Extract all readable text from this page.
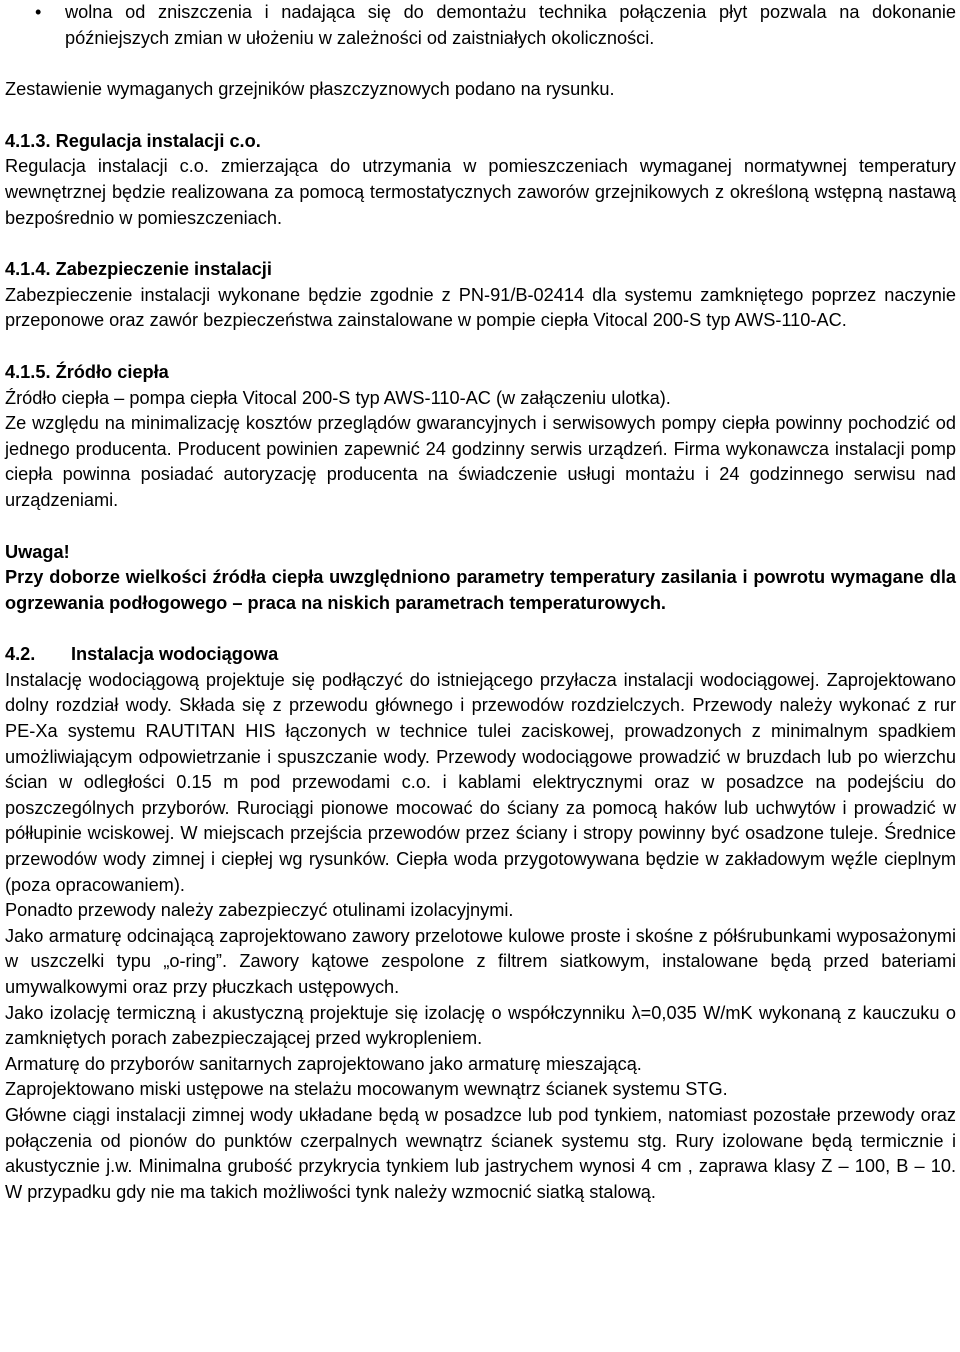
• wolna od zniszczenia i nadająca się do demontażu technika połączenia płyt pozwala na dokonanie późniejszych zmian w ułożeniu w zależności od zaistniałych okoliczności.

Zestawienie wymaganych grzejników płaszczyznowych podano na rysunku.

4.1.3. Regulacja instalacji c.o.

Regulacja instalacji c.o. zmierzająca do utrzymania w pomieszczeniach wymaganej normatywnej temperatury wewnętrznej będzie realizowana za pomocą termostatycznych zaworów grzejnikowych z określoną wstępną nastawą bezpośrednio w pomieszczeniach.

4.1.4. Zabezpieczenie instalacji

Zabezpieczenie instalacji wykonane będzie zgodnie z PN-91/B-02414 dla systemu zamkniętego poprzez naczynie przeponowe oraz zawór bezpieczeństwa zainstalowane w pompie ciepła Vitocal 200-S typ AWS-110-AC.

4.1.5. Źródło ciepła

Źródło ciepła – pompa ciepła Vitocal 200-S typ AWS-110-AC (w załączeniu ulotka).

Ze względu na minimalizację kosztów przeglądów gwarancyjnych i serwisowych pompy ciepła powinny pochodzić od jednego producenta. Producent powinien zapewnić 24 godzinny serwis urządzeń. Firma wykonawcza instalacji pomp ciepła powinna posiadać autoryzację producenta na świadczenie usługi montażu i 24 godzinnego serwisu nad urządzeniami.

Uwaga!

Przy doborze wielkości źródła ciepła uwzględniono parametry temperatury zasilania i powrotu wymagane dla ogrzewania podłogowego – praca na niskich parametrach temperaturowych.

4.2. Instalacja wodociągowa

Instalację wodociągową projektuje się podłączyć do istniejącego przyłacza instalacji wodociągowej. Zaprojektowano dolny rozdział wody. Składa się z przewodu głównego i przewodów rozdzielczych. Przewody należy wykonać z rur PE-Xa systemu RAUTITAN HIS łączonych w technice tulei zaciskowej, prowadzonych z minimalnym spadkiem umożliwiającym odpowietrzanie i spuszczanie wody. Przewody wodociągowe prowadzić w bruzdach lub po wierzchu ścian w odległości 0.15 m pod przewodami c.o. i kablami elektrycznymi oraz w posadzce na podejściu do poszczególnych przyborów. Rurociągi pionowe mocować do ściany za pomocą haków lub uchwytów i prowadzić w półłupinie wciskowej. W miejscach przejścia przewodów przez ściany i stropy powinny być osadzone tuleje. Średnice przewodów wody zimnej i ciepłej wg rysunków. Ciepła woda przygotowywana będzie w zakładowym węźle cieplnym (poza opracowaniem).

Ponadto przewody należy zabezpieczyć otulinami izolacyjnymi.

Jako armaturę odcinającą zaprojektowano zawory przelotowe kulowe proste i skośne z półśrubunkami wyposażonymi w uszczelki typu „o-ring”. Zawory kątowe zespolone z filtrem siatkowym, instalowane będą przed bateriami umywalkowymi oraz przy płuczkach ustępowych.

Jako izolację termiczną i akustyczną projektuje się izolację o współczynniku λ=0,035 W/mK wykonaną z kauczuku o zamkniętych porach zabezpieczającej przed wykropleniem.

Armaturę do przyborów sanitarnych zaprojektowano jako armaturę mieszającą.

Zaprojektowano miski ustępowe na stelażu mocowanym wewnątrz ścianek systemu STG.

Główne ciągi instalacji zimnej wody układane będą w posadzce lub pod tynkiem, natomiast pozostałe przewody oraz połączenia od pionów do punktów czerpalnych wewnątrz ścianek systemu stg. Rury izolowane będą termicznie i akustycznie j.w. Minimalna grubość przykrycia tynkiem lub jastrychem wynosi 4 cm , zaprawa klasy Z – 100, B – 10. W przypadku gdy nie ma takich możliwości tynk należy wzmocnić siatką stalową.
